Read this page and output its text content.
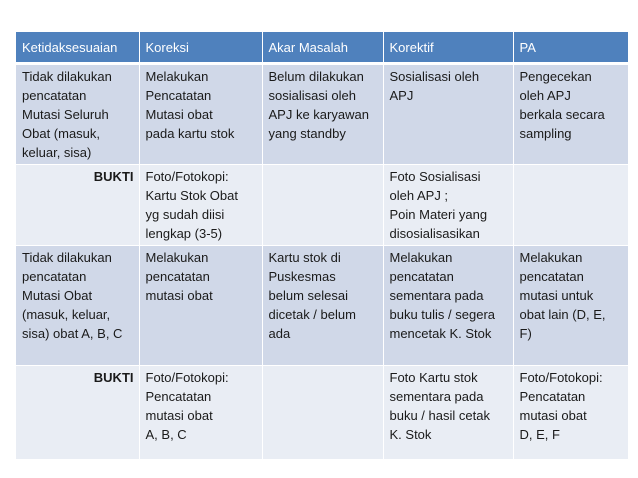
Ketidaksesuaian	Koreksi	Akar Masalah	Korektif	PA
Tidak dilakukan
pencatatan
Mutasi Seluruh
Obat (masuk,
keluar, sisa)	Melakukan
Pencatatan
Mutasi obat
pada kartu stok	Belum dilakukan
sosialisasi oleh
APJ ke karyawan
yang standby	Sosialisasi oleh
APJ	Pengecekan
oleh APJ
berkala secara
sampling
BUKTI	Foto/Fotokopi:
Kartu Stok Obat
yg sudah diisi
lengkap (3-5)		Foto Sosialisasi
oleh APJ ;
Poin Materi yang
disosialisasikan	
Tidak dilakukan
pencatatan
Mutasi Obat
(masuk, keluar,
sisa) obat A, B, C	Melakukan
pencatatan
mutasi obat	Kartu stok di
Puskesmas
belum selesai
dicetak / belum
ada	Melakukan
pencatatan
sementara pada
buku tulis / segera
mencetak K. Stok	Melakukan
pencatatan
mutasi untuk
obat lain (D, E,
F)
BUKTI	Foto/Fotokopi:
Pencatatan
mutasi obat
A, B, C		Foto Kartu stok
sementara pada
buku / hasil cetak
K. Stok	Foto/Fotokopi:
Pencatatan
mutasi obat
D, E, F
